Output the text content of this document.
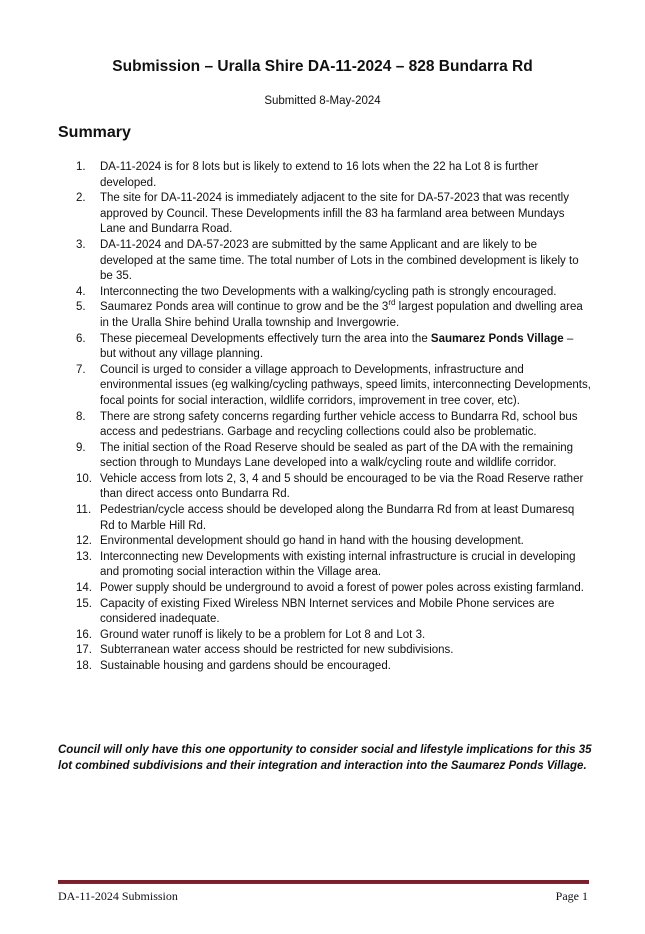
Submission – Uralla Shire DA-11-2024 – 828 Bundarra Rd
Submitted 8-May-2024
Summary
1. DA-11-2024 is for 8 lots but is likely to extend to 16 lots when the 22 ha Lot 8 is further developed.
2. The site for DA-11-2024 is immediately adjacent to the site for DA-57-2023 that was recently approved by Council. These Developments infill the 83 ha farmland area between Mundays Lane and Bundarra Road.
3. DA-11-2024 and DA-57-2023 are submitted by the same Applicant and are likely to be developed at the same time. The total number of Lots in the combined development is likely to be 35.
4. Interconnecting the two Developments with a walking/cycling path is strongly encouraged.
5. Saumarez Ponds area will continue to grow and be the 3rd largest population and dwelling area in the Uralla Shire behind Uralla township and Invergowrie.
6. These piecemeal Developments effectively turn the area into the Saumarez Ponds Village – but without any village planning.
7. Council is urged to consider a village approach to Developments, infrastructure and environmental issues (eg walking/cycling pathways, speed limits, interconnecting Developments, focal points for social interaction, wildlife corridors, improvement in tree cover, etc).
8. There are strong safety concerns regarding further vehicle access to Bundarra Rd, school bus access and pedestrians. Garbage and recycling collections could also be problematic.
9. The initial section of the Road Reserve should be sealed as part of the DA with the remaining section through to Mundays Lane developed into a walk/cycling route and wildlife corridor.
10. Vehicle access from lots 2, 3, 4 and 5 should be encouraged to be via the Road Reserve rather than direct access onto Bundarra Rd.
11. Pedestrian/cycle access should be developed along the Bundarra Rd from at least Dumaresq Rd to Marble Hill Rd.
12. Environmental development should go hand in hand with the housing development.
13. Interconnecting new Developments with existing internal infrastructure is crucial in developing and promoting social interaction within the Village area.
14. Power supply should be underground to avoid a forest of power poles across existing farmland.
15. Capacity of existing Fixed Wireless NBN Internet services and Mobile Phone services are considered inadequate.
16. Ground water runoff is likely to be a problem for Lot 8 and Lot 3.
17. Subterranean water access should be restricted for new subdivisions.
18. Sustainable housing and gardens should be encouraged.
Council will only have this one opportunity to consider social and lifestyle implications for this 35 lot combined subdivisions and their integration and interaction into the Saumarez Ponds Village.
DA-11-2024 Submission	Page 1
